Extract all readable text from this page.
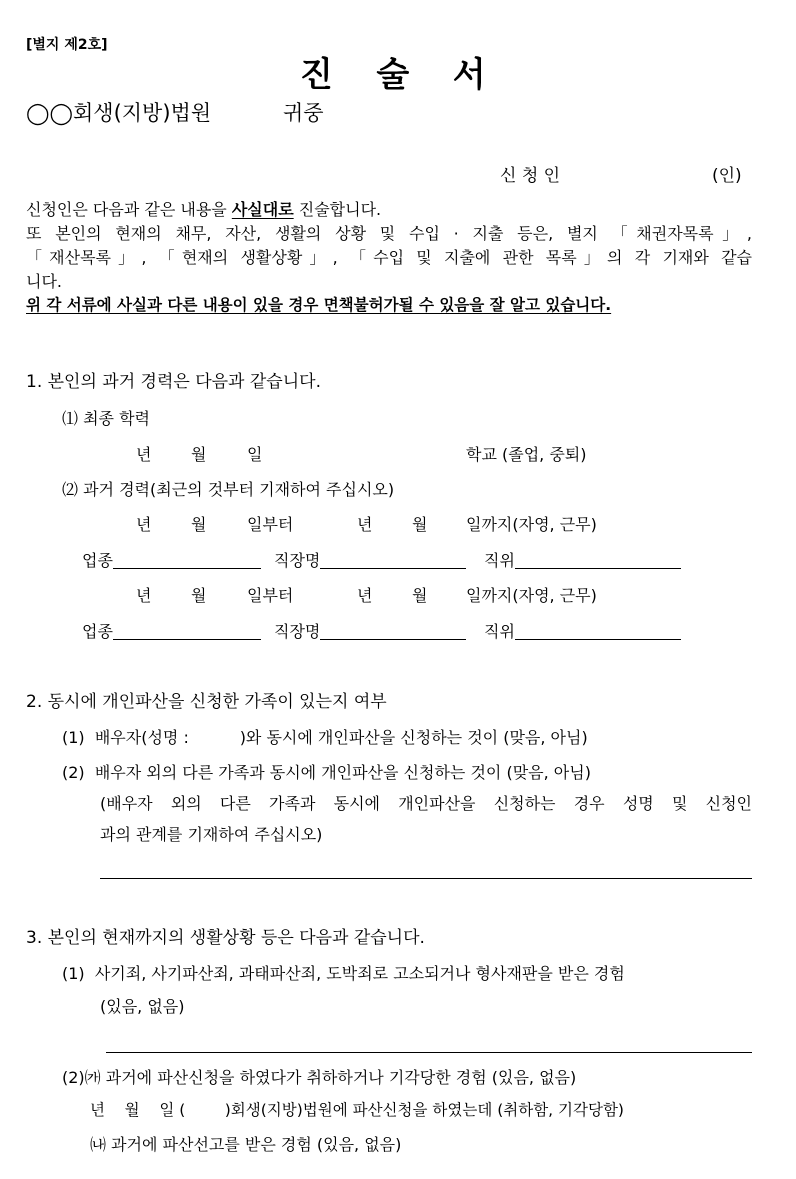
[별지 제2호]
진   술   서
◯◯회생(지방)법원	귀중
신 청 인	(인)
신청인은 다음과 같은 내용을 사실대로 진술합니다.
또 본인의 현재의 채무, 자산, 생활의 상황 및 수입 · 지출 등은, 별지 「채권자목록」,
「재산목록」, 「현재의 생활상황」, 「수입 및 지출에 관한 목록」의 각 기재와 같습
니다.
위 각 서류에 사실과 다른 내용이 있을 경우 면책불허가될 수 있음을 잘 알고 있습니다.
1. 본인의 과거 경력은 다음과 같습니다.
⑴ 최종 학력
년 월	일	학교 (졸업, 중퇴)
⑵ 과거 경력(최근의 것부터 기재하여 주십시오)
년 월	일부터	년 월 일까지(자영, 근무)
업종	직장명	직위
년 월	일부터	년 월 일까지(자영, 근무)
업종	직장명	직위
2. 동시에 개인파산을 신청한 가족이 있는지 여부
(1)  배우자(성명 :          )와 동시에 개인파산을 신청하는 것이 (맞음, 아님)
(2)  배우자 외의 다른 가족과 동시에 개인파산을 신청하는 것이 (맞음, 아님)
(배우자 외의 다른 가족과 동시에 개인파산을 신청하는 경우 성명 및 신청인
과의 관계를 기재하여 주십시오)
3. 본인의 현재까지의 생활상황 등은 다음과 같습니다.
(1)  사기죄, 사기파산죄, 과태파산죄, 도박죄로 고소되거나 형사재판을 받은 경험
(있음, 없음)
(2)㈎ 과거에 파산신청을 하였다가 취하하거나 기각당한 경험 (있음, 없음)
년    월    일 (        )회생(지방)법원에 파산신청을 하였는데 (취하함, 기각당함)
㈏ 과거에 파산선고를 받은 경험 (있음, 없음)
